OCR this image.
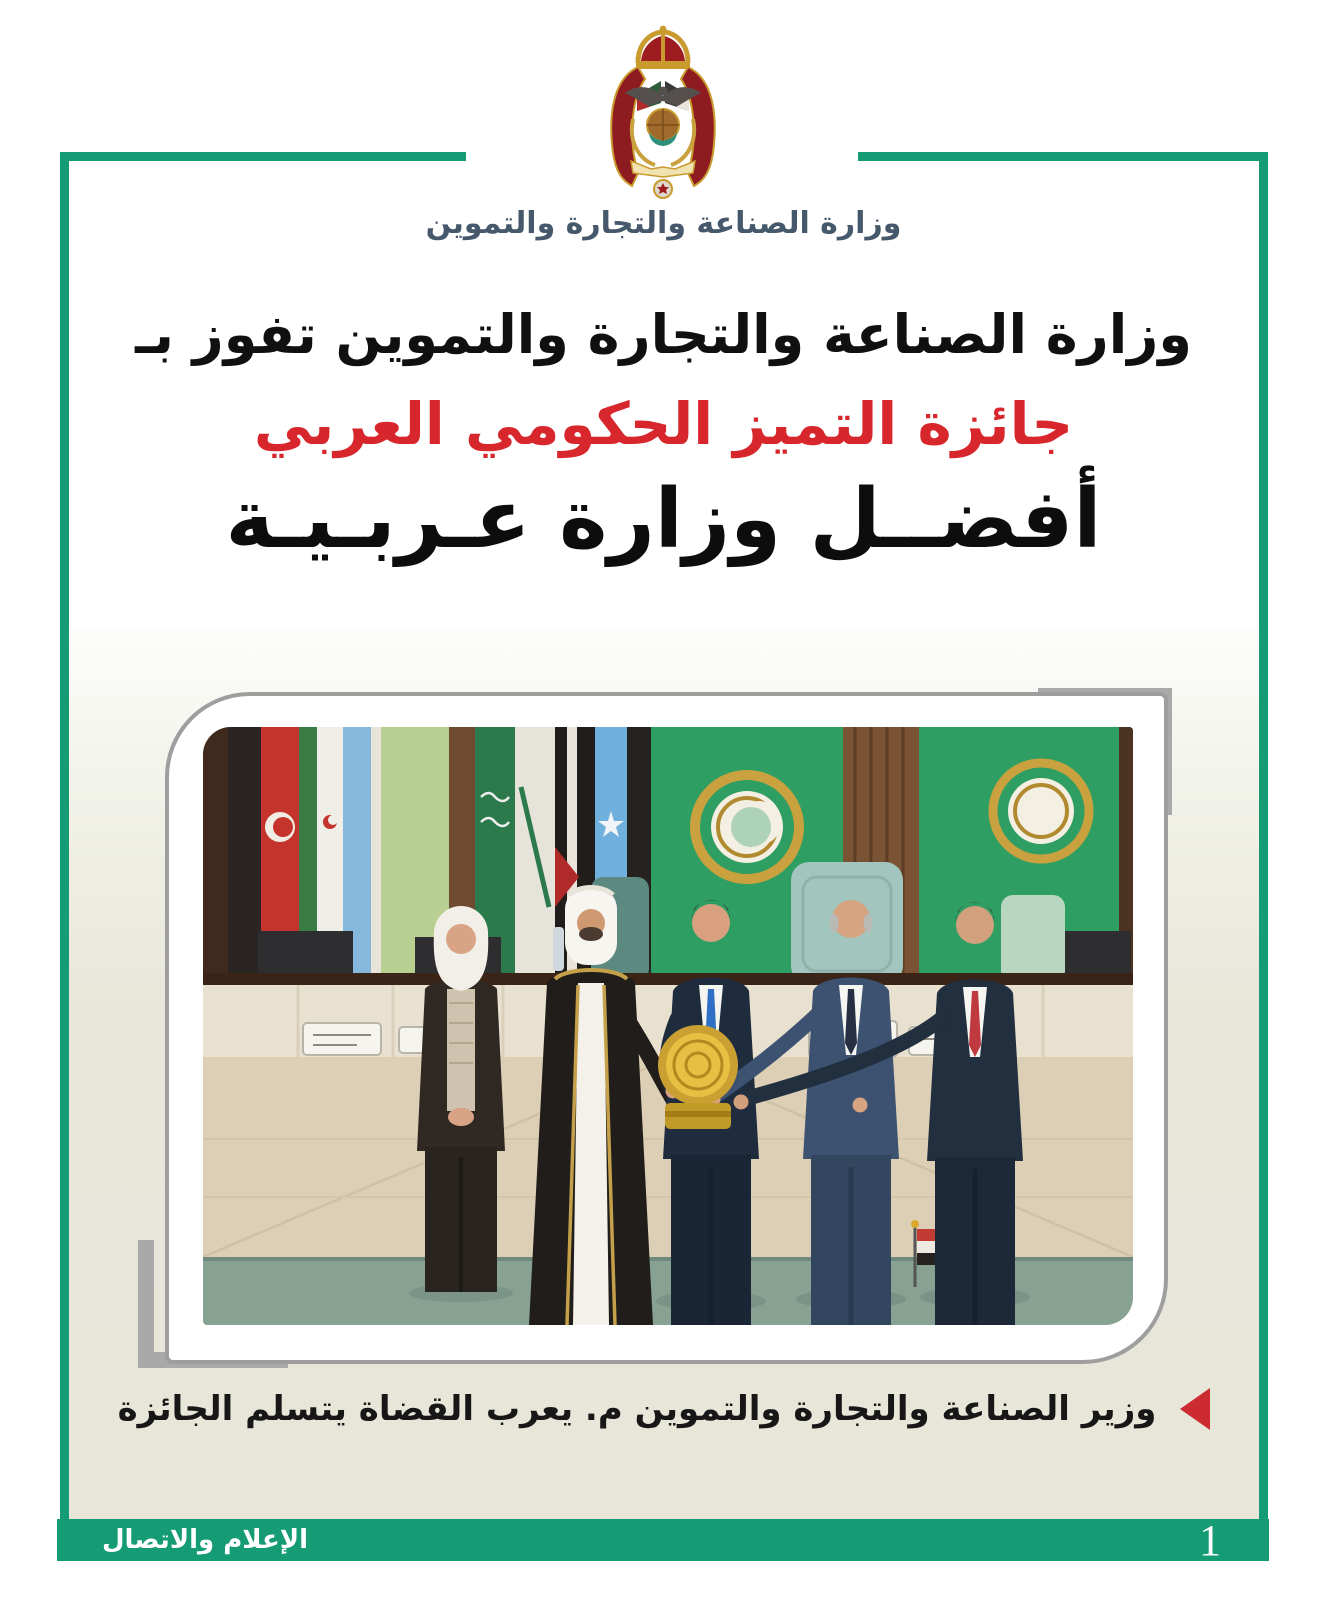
وزارة الصناعة والتجارة والتموين
وزارة الصناعة والتجارة والتموين تفوز بـ
جائزة التميز الحكومي العربي
أفضــل وزارة عـربـيـة
وزير الصناعة والتجارة والتموين م. يعرب القضاة يتسلم الجائزة
الإعلام والاتصال	1
